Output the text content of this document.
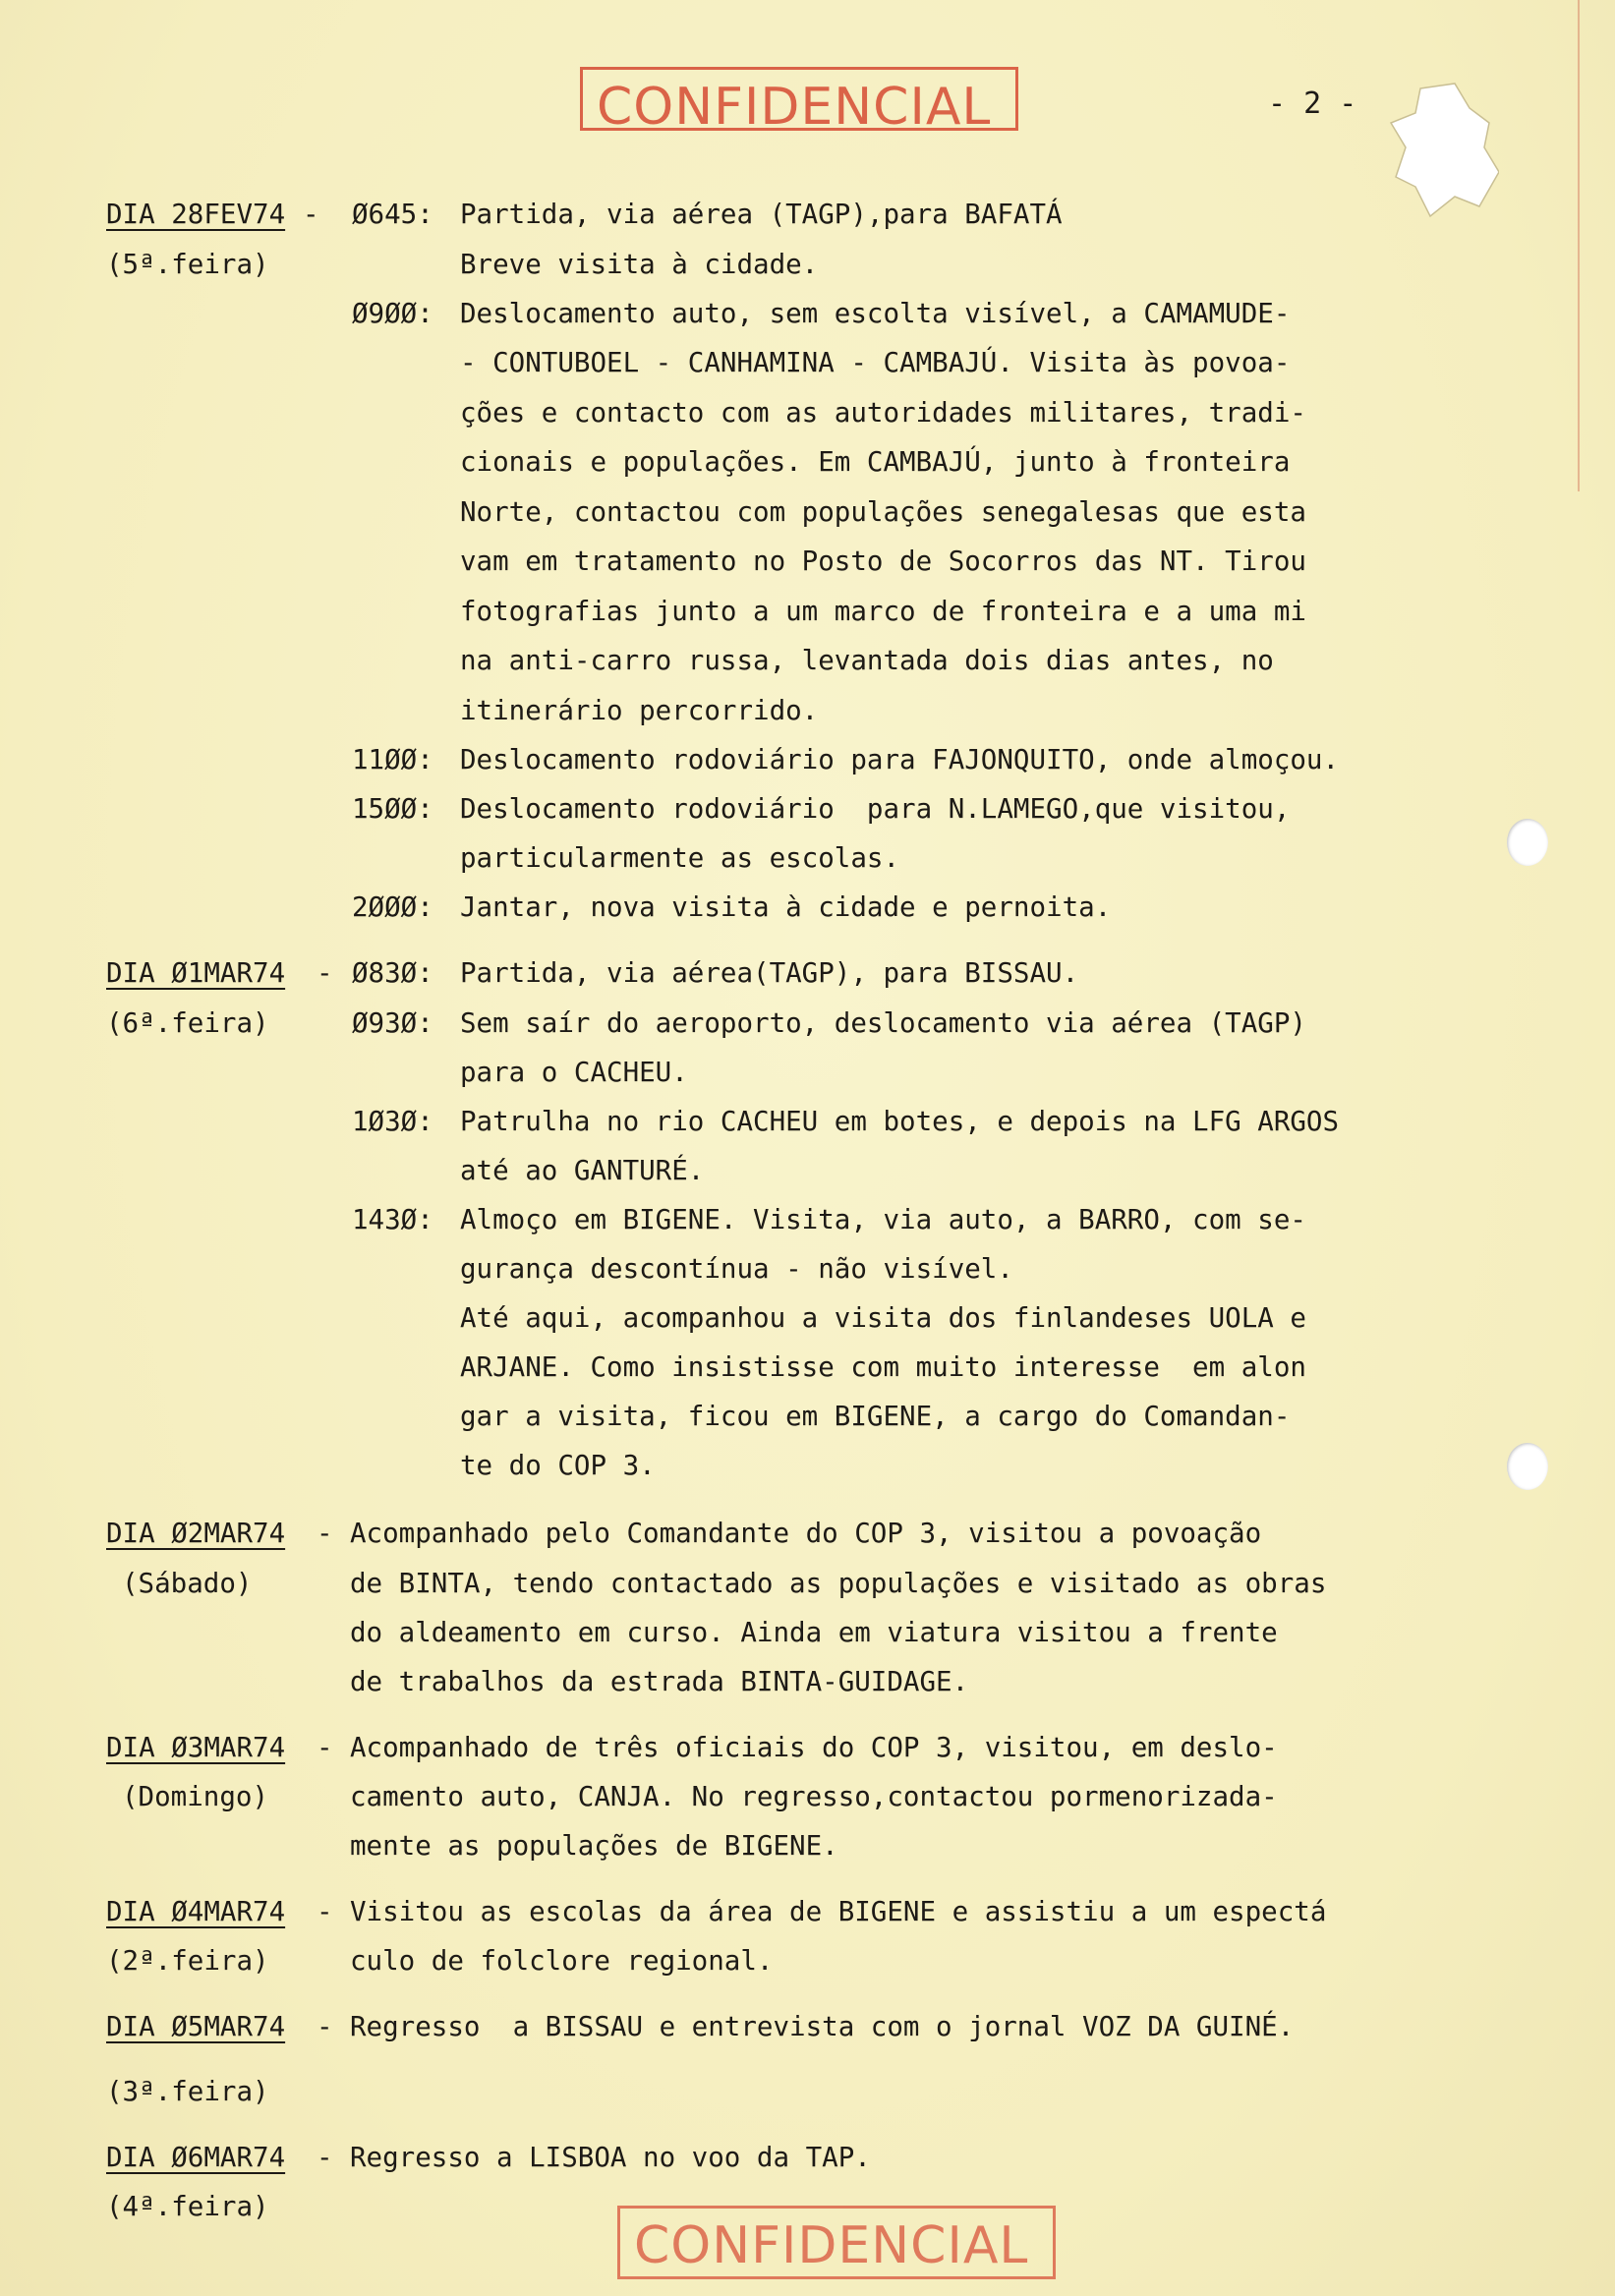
CONFIDENCIAL	- 2 -
DIA 28FEV74 -
(5ª.feira)
Ø645: Partida, via aérea (TAGP),para BAFATÁ
Breve visita à cidade.
Ø9ØØ: Deslocamento auto, sem escolta visível, a CAMAMUDE-
- CONTUBOEL - CANHAMINA - CAMBAJÚ. Visita às povoa-
ções e contacto com as autoridades militares, tradi-
cionais e populações. Em CAMBAJÚ, junto à fronteira
Norte, contactou com populações senegalesas que esta
vam em tratamento no Posto de Socorros das NT. Tirou
fotografias junto a um marco de fronteira e a uma mi
na anti-carro russa, levantada dois dias antes, no
itinerário percorrido.
11ØØ: Deslocamento rodoviário para FAJONQUITO, onde almoçou.
15ØØ: Deslocamento rodoviário  para N.LAMEGO,que visitou,
particularmente as escolas.
2ØØØ: Jantar, nova visita à cidade e pernoita.
DIA Ø1MAR74 -
(6ª.feira)
Ø83Ø: Partida, via aérea(TAGP), para BISSAU.
Ø93Ø: Sem saír do aeroporto, deslocamento via aérea (TAGP)
para o CACHEU.
1Ø3Ø: Patrulha no rio CACHEU em botes, e depois na LFG ARGOS
até ao GANTURÉ.
143Ø: Almoço em BIGENE. Visita, via auto, a BARRO, com se-
gurança descontínua - não visível.
Até aqui, acompanhou a visita dos finlandeses UOLA e
ARJANE. Como insistisse com muito interesse  em alon
gar a visita, ficou em BIGENE, a cargo do Comandan-
te do COP 3.
DIA Ø2MAR74 -
(Sábado)
Acompanhado pelo Comandante do COP 3, visitou a povoação
de BINTA, tendo contactado as populações e visitado as obras
do aldeamento em curso. Ainda em viatura visitou a frente
de trabalhos da estrada BINTA-GUIDAGE.
DIA Ø3MAR74 -
(Domingo)
Acompanhado de três oficiais do COP 3, visitou, em deslo-
camento auto, CANJA. No regresso,contactou pormenorizada-
mente as populações de BIGENE.
DIA Ø4MAR74 -
(2ª.feira)
Visitou as escolas da área de BIGENE e assistiu a um espectá
culo de folclore regional.
DIA Ø5MAR74 -
(3ª.feira)
Regresso  a BISSAU e entrevista com o jornal VOZ DA GUINÉ.
DIA Ø6MAR74 -
(4ª.feira)
Regresso a LISBOA no voo da TAP.
CONFIDENCIAL
